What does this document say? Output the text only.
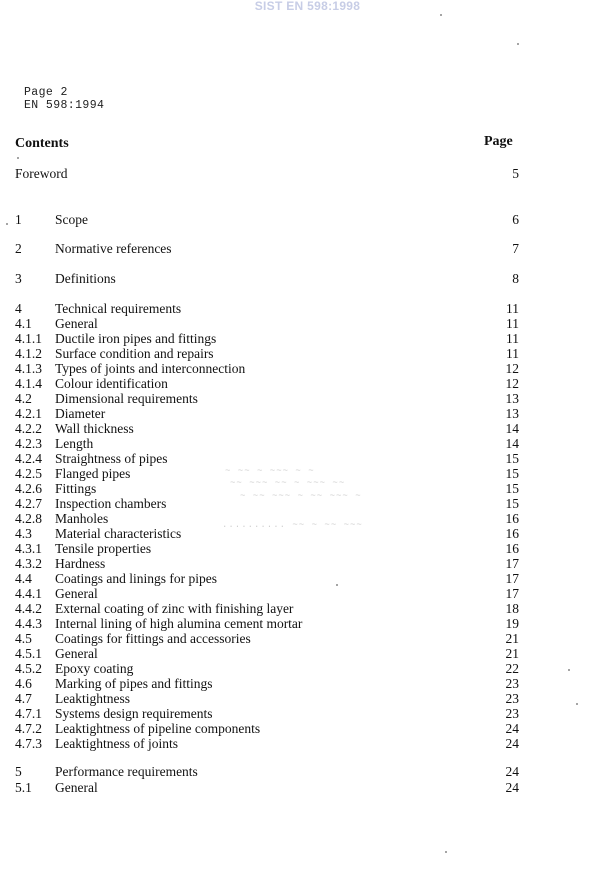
SIST EN 598:1998
Page 2
EN 598:1994
Contents	Page
Foreword	5
1 Scope	6
2 Normative references	7
3 Definitions	8
4 Technical requirements	11
4.1 General	11
4.1.1 Ductile iron pipes and fittings	11
4.1.2 Surface condition and repairs	11
4.1.3 Types of joints and interconnection	12
4.1.4 Colour identification	12
4.2 Dimensional requirements	13
4.2.1 Diameter	13
4.2.2 Wall thickness	14
4.2.3 Length	14
4.2.4 Straightness of pipes	15
4.2.5 Flanged pipes	15
4.2.6 Fittings	15
4.2.7 Inspection chambers	15
4.2.8 Manholes	16
4.3 Material characteristics	16
4.3.1 Tensile properties	16
4.3.2 Hardness	17
4.4 Coatings and linings for pipes	17
4.4.1 General	17
4.4.2 External coating of zinc with finishing layer	18
4.4.3 Internal lining of high alumina cement mortar	19
4.5 Coatings for fittings and accessories	21
4.5.1 General	21
4.5.2 Epoxy coating	22
4.6 Marking of pipes and fittings	23
4.7 Leaktightness	23
4.7.1 Systems design requirements	23
4.7.2 Leaktightness of pipeline components	24
4.7.3 Leaktightness of joints	24
5 Performance requirements	24
5.1 General	24
~ ~~ ~ ~~~ ~ ~
~~ ~~~ ~~ ~ ~~~ ~~
~ ~~ ~~~ ~ ~~ ~~~ ~
.......... ~~ ~ ~~ ~~~
